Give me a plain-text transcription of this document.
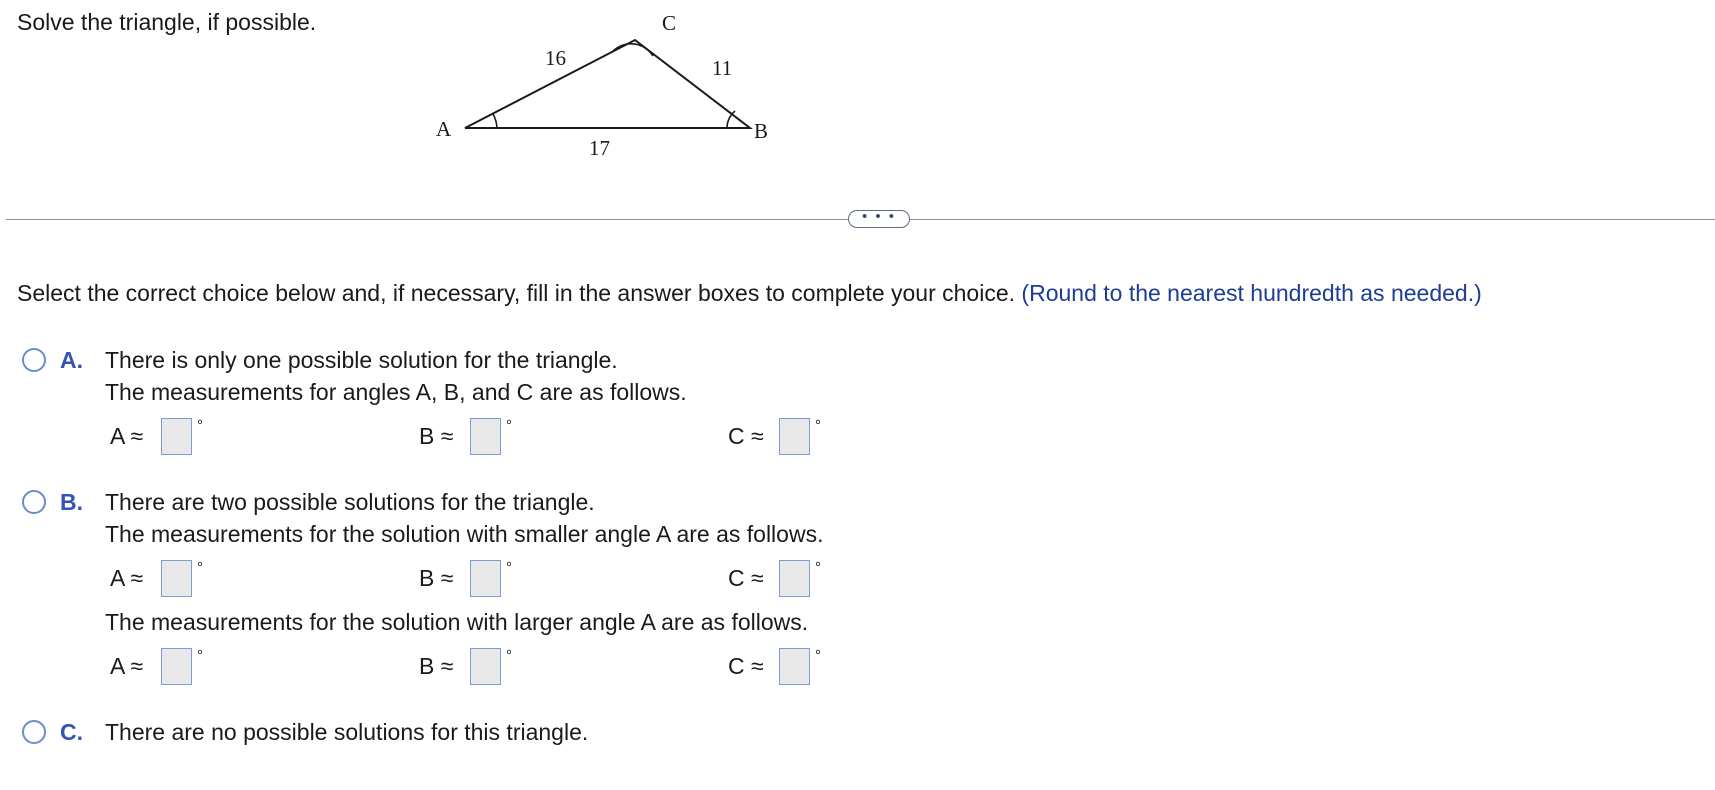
Solve the triangle, if possible.
A	B
C
16	11
17
• • •
Select the correct choice below and, if necessary, fill in the answer boxes to complete your choice. (Round to the nearest hundredth as needed.)
A. There is only one possible solution for the triangle.
The measurements for angles A, B, and C are as follows.
A ≈	°	B ≈	°	C ≈	°
B. There are two possible solutions for the triangle.
The measurements for the solution with smaller angle A are as follows.
A ≈	°	B ≈	°	C ≈	°
The measurements for the solution with larger angle A are as follows.
A ≈	°	B ≈	°	C ≈	°
C. There are no possible solutions for this triangle.
